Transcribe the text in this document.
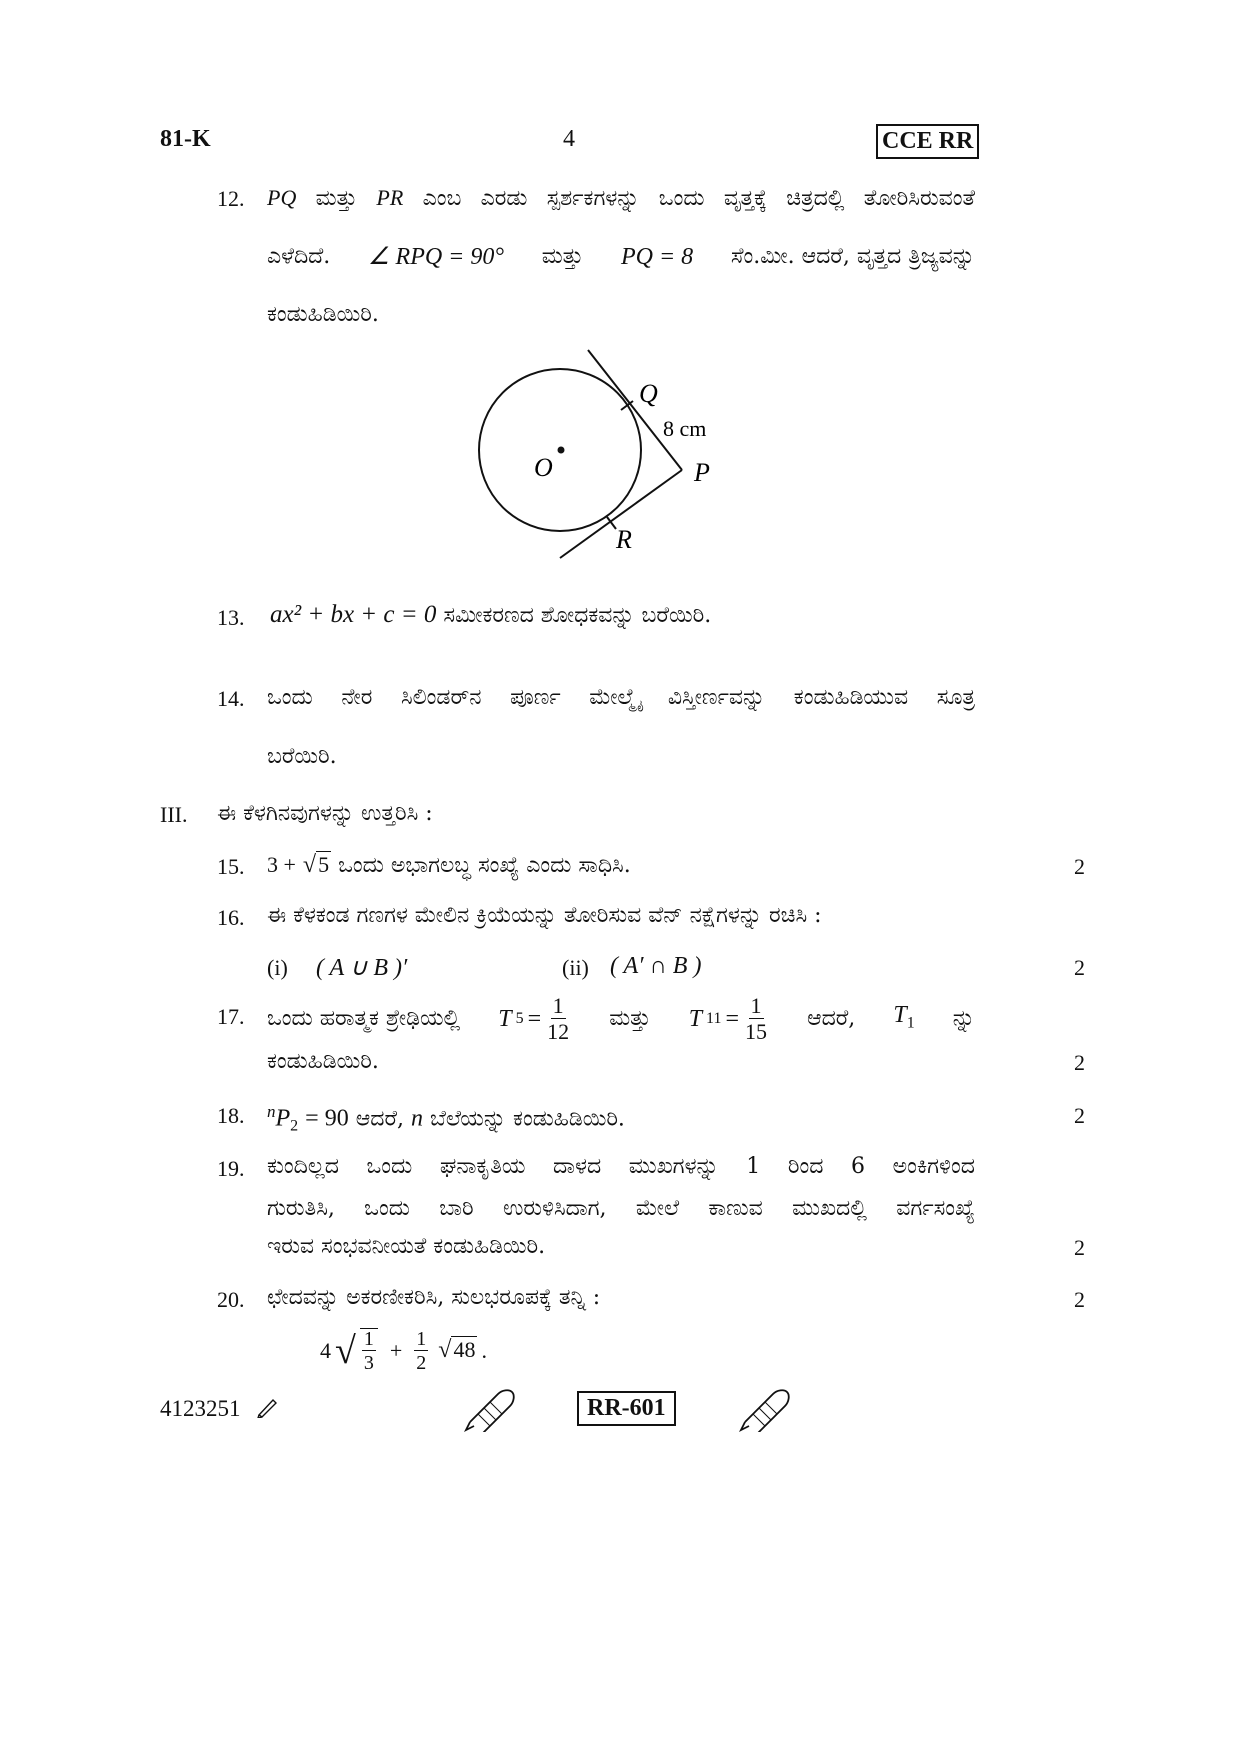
81-K	4	CCE RR
12. PQ ಮತ್ತು PR ಎಂಬ ಎರಡು ಸ್ಪರ್ಶಕಗಳನ್ನು ಒಂದು ವೃತ್ತಕ್ಕೆ ಚಿತ್ರದಲ್ಲಿ ತೋರಿಸಿರುವಂತೆ
ಎಳೆದಿದೆ. ∠ RPQ = 90° ಮತ್ತು PQ = 8 ಸೆಂ.ಮೀ. ಆದರೆ, ವೃತ್ತದ ತ್ರಿಜ್ಯವನ್ನು
ಕಂಡುಹಿಡಿಯಿರಿ.
Q
8 cm
O	P
R
13. ax² + bx + c = 0 ಸಮೀಕರಣದ ಶೋಧಕವನ್ನು ಬರೆಯಿರಿ.
14. ಒಂದು ನೇರ ಸಿಲಿಂಡರ್‌ನ ಪೂರ್ಣ ಮೇಲ್ಮೈ ವಿಸ್ತೀರ್ಣವನ್ನು ಕಂಡುಹಿಡಿಯುವ ಸೂತ್ರ
ಬರೆಯಿರಿ.
III. ಈ ಕೆಳಗಿನವುಗಳನ್ನು ಉತ್ತರಿಸಿ :
15. 3 + √5 ಒಂದು ಅಭಾಗಲಬ್ಧ ಸಂಖ್ಯೆ ಎಂದು ಸಾಧಿಸಿ.	2
16. ಈ ಕೆಳಕಂಡ ಗಣಗಳ ಮೇಲಿನ ಕ್ರಿಯೆಯನ್ನು ತೋರಿಸುವ ವೆನ್ ನಕ್ಷೆಗಳನ್ನು ರಚಿಸಿ :
(i) ( A ∪ B )′	(ii) ( A′ ∩ B )	2
17. ಒಂದು ಹರಾತ್ಮಕ ಶ್ರೇಢಿಯಲ್ಲಿ T $5 = \frac{1}{12}$ ಮತ್ತು T $11 = \frac{1}{15}$ ಆದರೆ, $T_1$ ನ್ನು
ಕಂಡುಹಿಡಿಯಿರಿ.	2
18. $^nP_2 = 90$ ಆದರೆ, n ಬೆಲೆಯನ್ನು ಕಂಡುಹಿಡಿಯಿರಿ.	2
19. ಕುಂದಿಲ್ಲದ ಒಂದು ಘನಾಕೃತಿಯ ದಾಳದ ಮುಖಗಳನ್ನು 1 ರಿಂದ 6 ಅಂಕಿಗಳಿಂದ
ಗುರುತಿಸಿ, ಒಂದು ಬಾರಿ ಉರುಳಿಸಿದಾಗ, ಮೇಲೆ ಕಾಣುವ ಮುಖದಲ್ಲಿ ವರ್ಗಸಂಖ್ಯೆ
ಇರುವ ಸಂಭವನೀಯತೆ ಕಂಡುಹಿಡಿಯಿರಿ.	2
20. ಛೇದವನ್ನು ಅಕರಣೀಕರಿಸಿ, ಸುಲಭರೂಪಕ್ಕೆ ತನ್ನಿ :	2
4 √ $\frac{1}{3} + \frac{1}{2} √48$ .
4123251	RR-601
